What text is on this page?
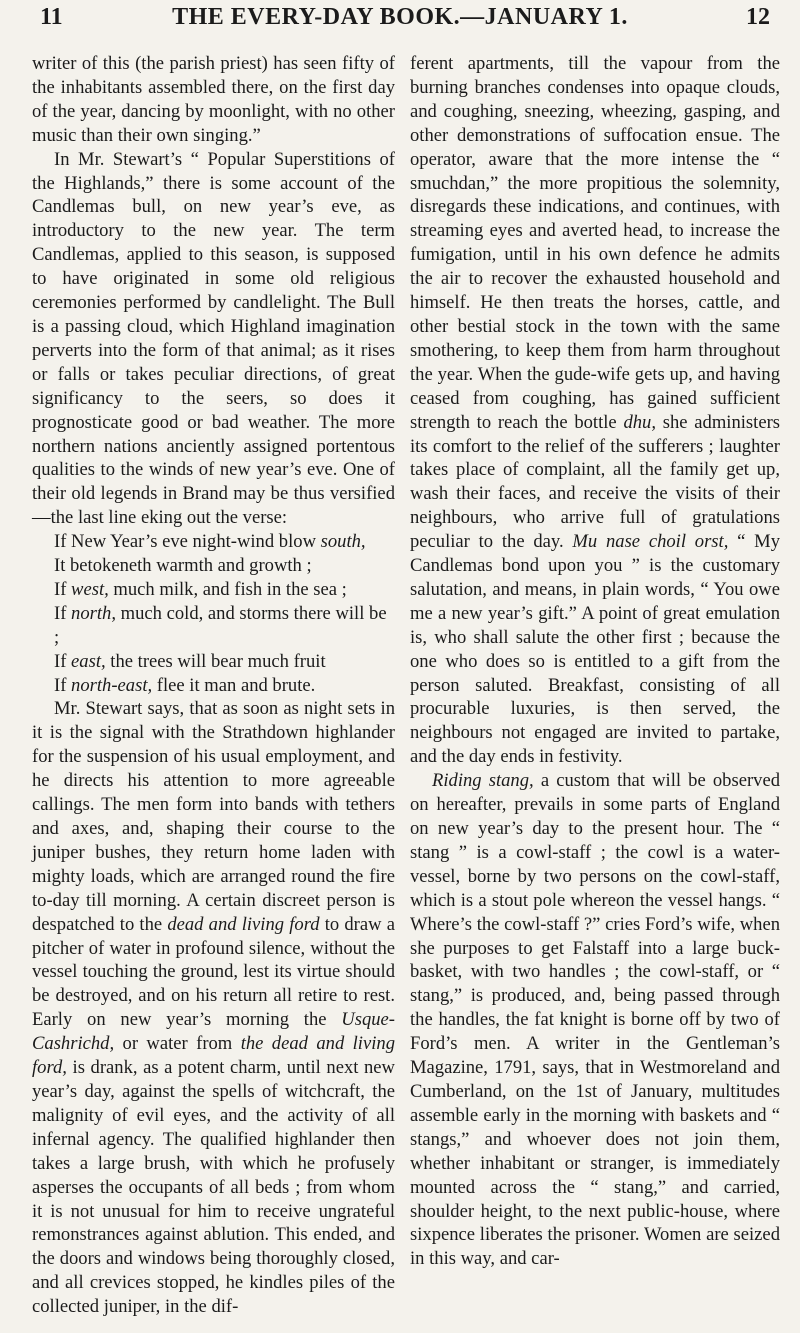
11	THE EVERY-DAY BOOK.—JANUARY 1.	12

writer of this (the parish priest) has seen fifty of the inhabitants assembled there, on the first day of the year, dancing by moonlight, with no other music than their own singing.”

In Mr. Stewart’s “ Popular Superstitions of the Highlands,” there is some account of the Candlemas bull, on new year’s eve, as introductory to the new year. The term Candlemas, applied to this season, is supposed to have originated in some old religious ceremonies performed by candlelight. The Bull is a passing cloud, which Highland imagination perverts into the form of that animal; as it rises or falls or takes peculiar directions, of great significancy to the seers, so does it prognosticate good or bad weather. The more northern nations anciently assigned portentous qualities to the winds of new year’s eve. One of their old legends in Brand may be thus versified—the last line eking out the verse:

If New Year’s eve night-wind blow south,
It betokeneth warmth and growth ;
If west, much milk, and fish in the sea ;
If north, much cold, and storms there will be ;
If east, the trees will bear much fruit
If north-east, flee it man and brute.

Mr. Stewart says, that as soon as night sets in it is the signal with the Strathdown highlander for the suspension of his usual employment, and he directs his attention to more agreeable callings. The men form into bands with tethers and axes, and, shaping their course to the juniper bushes, they return home laden with mighty loads, which are arranged round the fire to-day till morning. A certain discreet person is despatched to the dead and living ford to draw a pitcher of water in profound silence, without the vessel touching the ground, lest its virtue should be destroyed, and on his return all retire to rest. Early on new year’s morning the Usque-Cashrichd, or water from the dead and living ford, is drank, as a potent charm, until next new year’s day, against the spells of witchcraft, the malignity of evil eyes, and the activity of all infernal agency. The qualified highlander then takes a large brush, with which he profusely asperses the occupants of all beds ; from whom it is not unusual for him to receive ungrateful remonstrances against ablution. This ended, and the doors and windows being thoroughly closed, and all crevices stopped, he kindles piles of the collected juniper, in the dif-

ferent apartments, till the vapour from the burning branches condenses into opaque clouds, and coughing, sneezing, wheezing, gasping, and other demonstrations of suffocation ensue. The operator, aware that the more intense the “ smuchdan,” the more propitious the solemnity, disregards these indications, and continues, with streaming eyes and averted head, to increase the fumigation, until in his own defence he admits the air to recover the exhausted household and himself. He then treats the horses, cattle, and other bestial stock in the town with the same smothering, to keep them from harm throughout the year. When the gude-wife gets up, and having ceased from coughing, has gained sufficient strength to reach the bottle dhu, she administers its comfort to the relief of the sufferers ; laughter takes place of complaint, all the family get up, wash their faces, and receive the visits of their neighbours, who arrive full of gratulations peculiar to the day. Mu nase choil orst, “ My Candlemas bond upon you ” is the customary salutation, and means, in plain words, “ You owe me a new year’s gift.” A point of great emulation is, who shall salute the other first ; because the one who does so is entitled to a gift from the person saluted. Breakfast, consisting of all procurable luxuries, is then served, the neighbours not engaged are invited to partake, and the day ends in festivity.

Riding stang, a custom that will be observed on hereafter, prevails in some parts of England on new year’s day to the present hour. The “ stang ” is a cowl-staff ; the cowl is a water-vessel, borne by two persons on the cowl-staff, which is a stout pole whereon the vessel hangs. “ Where’s the cowl-staff ?” cries Ford’s wife, when she purposes to get Falstaff into a large buck-basket, with two handles ; the cowl-staff, or “ stang,” is produced, and, being passed through the handles, the fat knight is borne off by two of Ford’s men. A writer in the Gentleman’s Magazine, 1791, says, that in Westmoreland and Cumberland, on the 1st of January, multitudes assemble early in the morning with baskets and “ stangs,” and whoever does not join them, whether inhabitant or stranger, is immediately mounted across the “ stang,” and carried, shoulder height, to the next public-house, where sixpence liberates the prisoner. Women are seized in this way, and car-
